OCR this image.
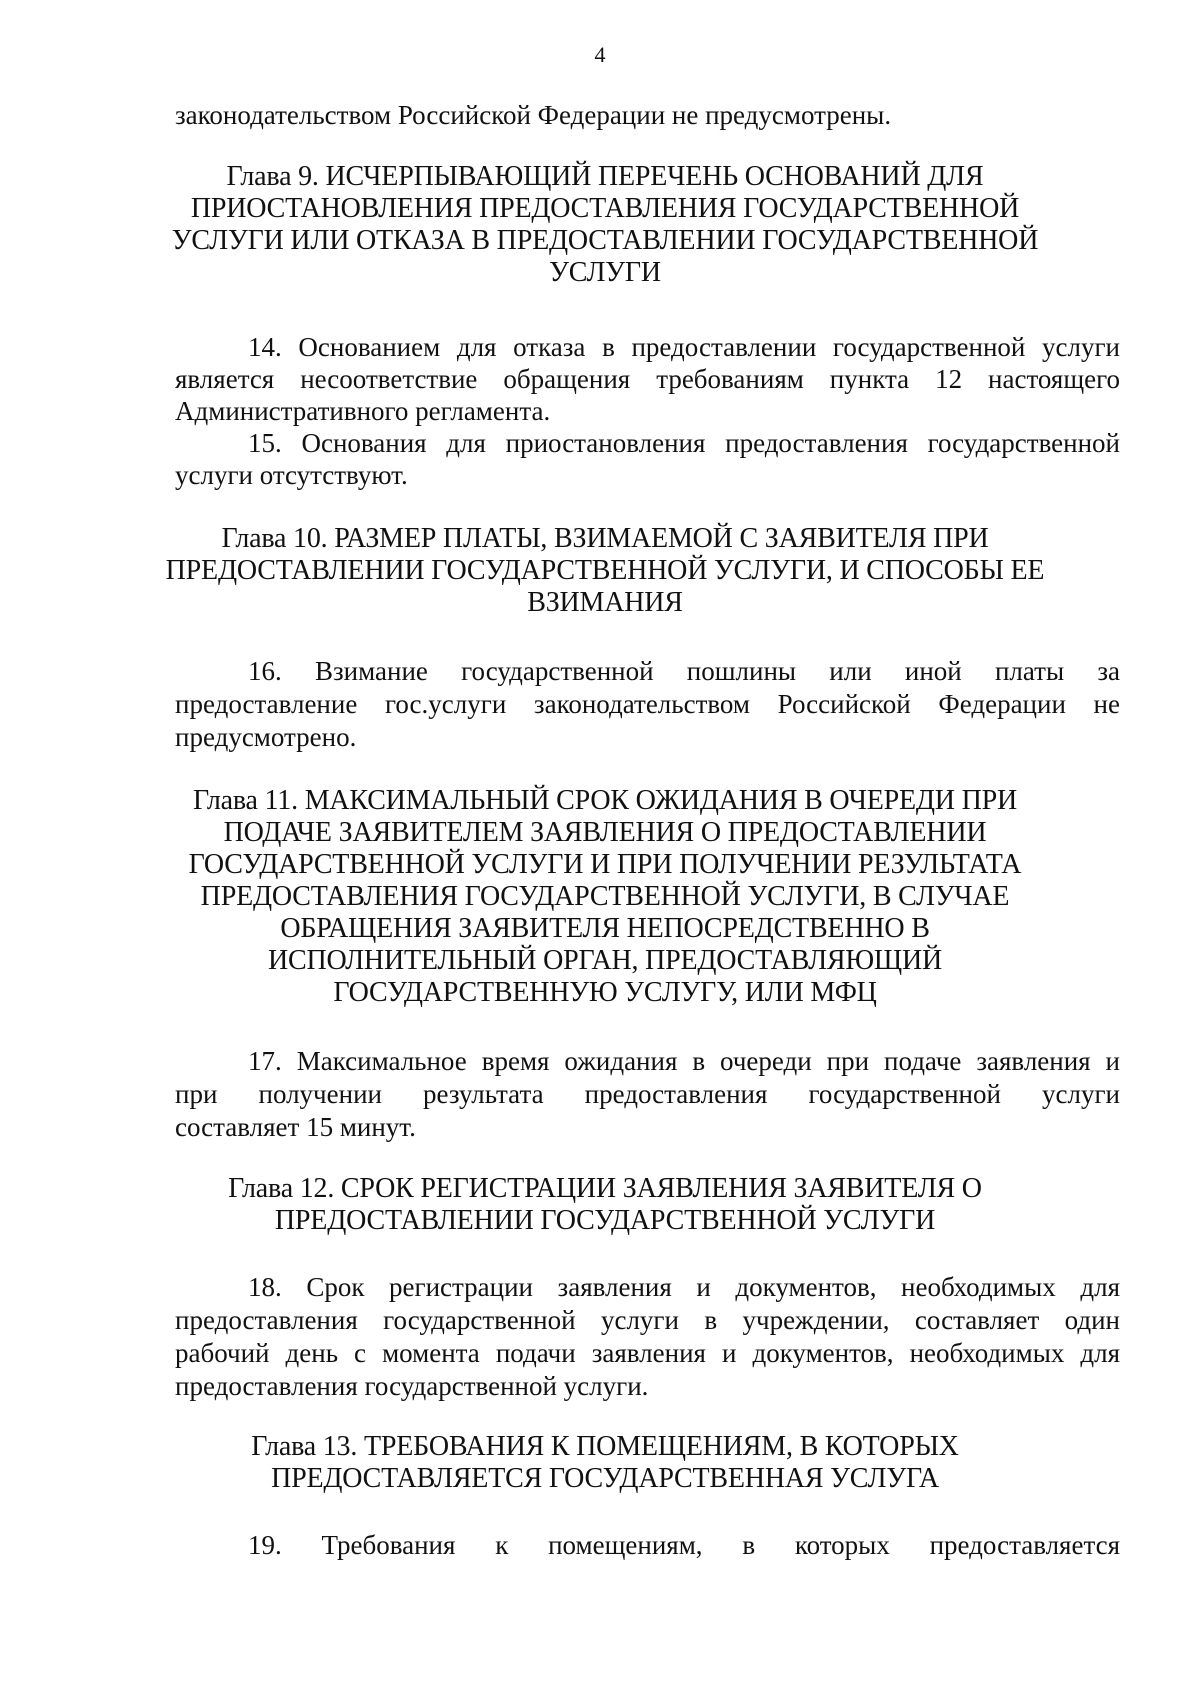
4
законодательством Российской Федерации не предусмотрены.
Глава 9. ИСЧЕРПЫВАЮЩИЙ ПЕРЕЧЕНЬ ОСНОВАНИЙ ДЛЯ
ПРИОСТАНОВЛЕНИЯ ПРЕДОСТАВЛЕНИЯ ГОСУДАРСТВЕННОЙ
УСЛУГИ ИЛИ ОТКАЗА В ПРЕДОСТАВЛЕНИИ ГОСУДАРСТВЕННОЙ
УСЛУГИ
14. Основанием для отказа в предоставлении государственной услуги
является несоответствие обращения требованиям пункта 12 настоящего
Административного регламента.
15. Основания для приостановления предоставления государственной
услуги отсутствуют.
Глава 10. РАЗМЕР ПЛАТЫ, ВЗИМАЕМОЙ С ЗАЯВИТЕЛЯ ПРИ
ПРЕДОСТАВЛЕНИИ ГОСУДАРСТВЕННОЙ УСЛУГИ, И СПОСОБЫ ЕЕ
ВЗИМАНИЯ
16. Взимание государственной пошлины или иной платы за
предоставление гос.услуги законодательством Российской Федерации не
предусмотрено.
Глава 11. МАКСИМАЛЬНЫЙ СРОК ОЖИДАНИЯ В ОЧЕРЕДИ ПРИ
ПОДАЧЕ ЗАЯВИТЕЛЕМ ЗАЯВЛЕНИЯ О ПРЕДОСТАВЛЕНИИ
ГОСУДАРСТВЕННОЙ УСЛУГИ И ПРИ ПОЛУЧЕНИИ РЕЗУЛЬТАТА
ПРЕДОСТАВЛЕНИЯ ГОСУДАРСТВЕННОЙ УСЛУГИ, В СЛУЧАЕ
ОБРАЩЕНИЯ ЗАЯВИТЕЛЯ НЕПОСРЕДСТВЕННО В
ИСПОЛНИТЕЛЬНЫЙ ОРГАН, ПРЕДОСТАВЛЯЮЩИЙ
ГОСУДАРСТВЕННУЮ УСЛУГУ, ИЛИ МФЦ
17. Максимальное время ожидания в очереди при подаче заявления и
при получении результата предоставления государственной услуги
составляет 15 минут.
Глава 12. СРОК РЕГИСТРАЦИИ ЗАЯВЛЕНИЯ ЗАЯВИТЕЛЯ О
ПРЕДОСТАВЛЕНИИ ГОСУДАРСТВЕННОЙ УСЛУГИ
18. Срок регистрации заявления и документов, необходимых для
предоставления государственной услуги в учреждении, составляет один
рабочий день с момента подачи заявления и документов, необходимых для
предоставления государственной услуги.
Глава 13. ТРЕБОВАНИЯ К ПОМЕЩЕНИЯМ, В КОТОРЫХ
ПРЕДОСТАВЛЯЕТСЯ ГОСУДАРСТВЕННАЯ УСЛУГА
19. Требования к помещениям, в которых предоставляется
